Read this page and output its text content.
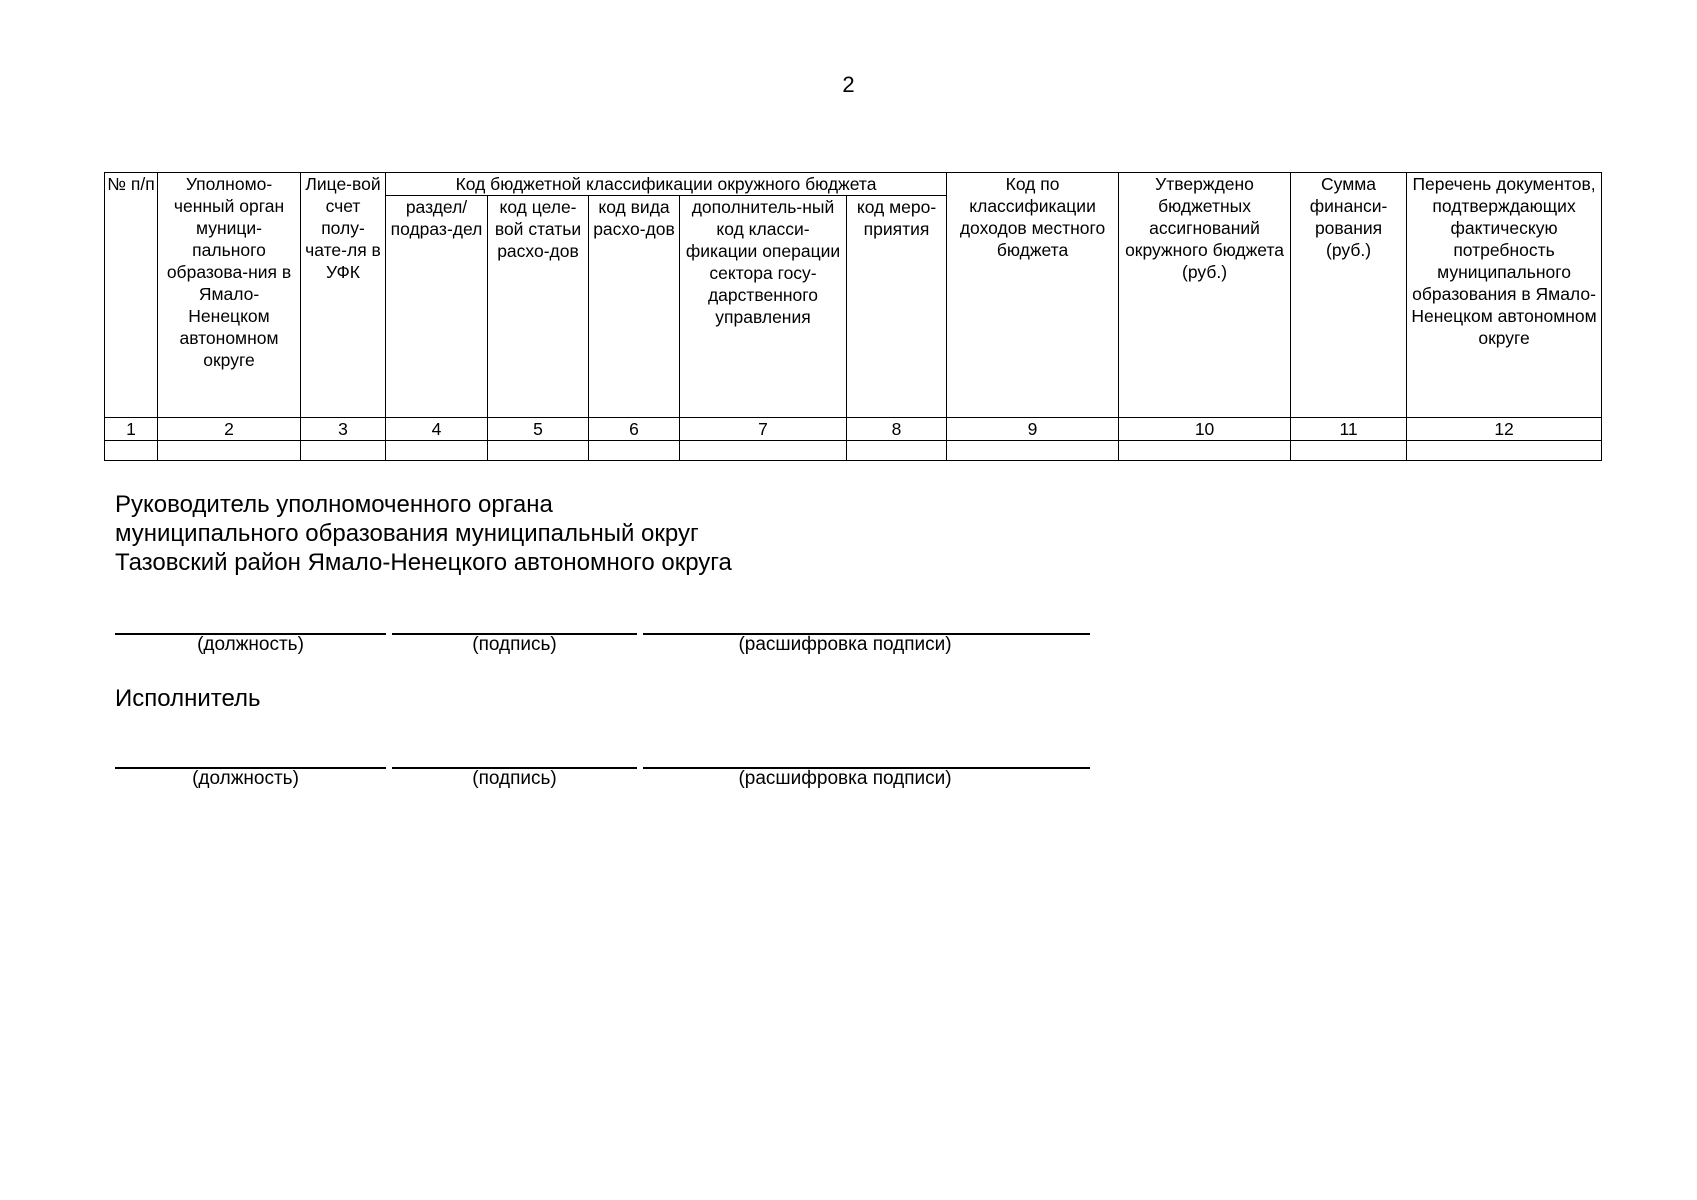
2
№ п/п	Уполномо-ченный орган муници-пального образова-ния в Ямало-Ненецком автономном округе	Лице-вой счет полу-чате-ля в УФК	Код бюджетной классификации окружного бюджета					Код по классификации доходов местного бюджета	Утверждено бюджетных ассигнований окружного бюджета (руб.)	Сумма финанси-рования (руб.)	Перечень документов, подтверждающих фактическую потребность муниципального образования в Ямало-Ненецком автономном округе
			раздел/ подраз-дел	код целе-вой статьи расхо-дов	код вида расхо-дов	дополнитель-ный код класси-фикации операции сектора госу-дарственного управления	код меро-приятия				
1	2	3	4	5	6	7	8	9	10	11	12

Руководитель уполномоченного органа
муниципального образования муниципальный округ
Тазовский район Ямало-Ненецкого автономного округа
(должность)	(подпись)	(расшифровка подписи)
Исполнитель
(должность)	(подпись)	(расшифровка подписи)
